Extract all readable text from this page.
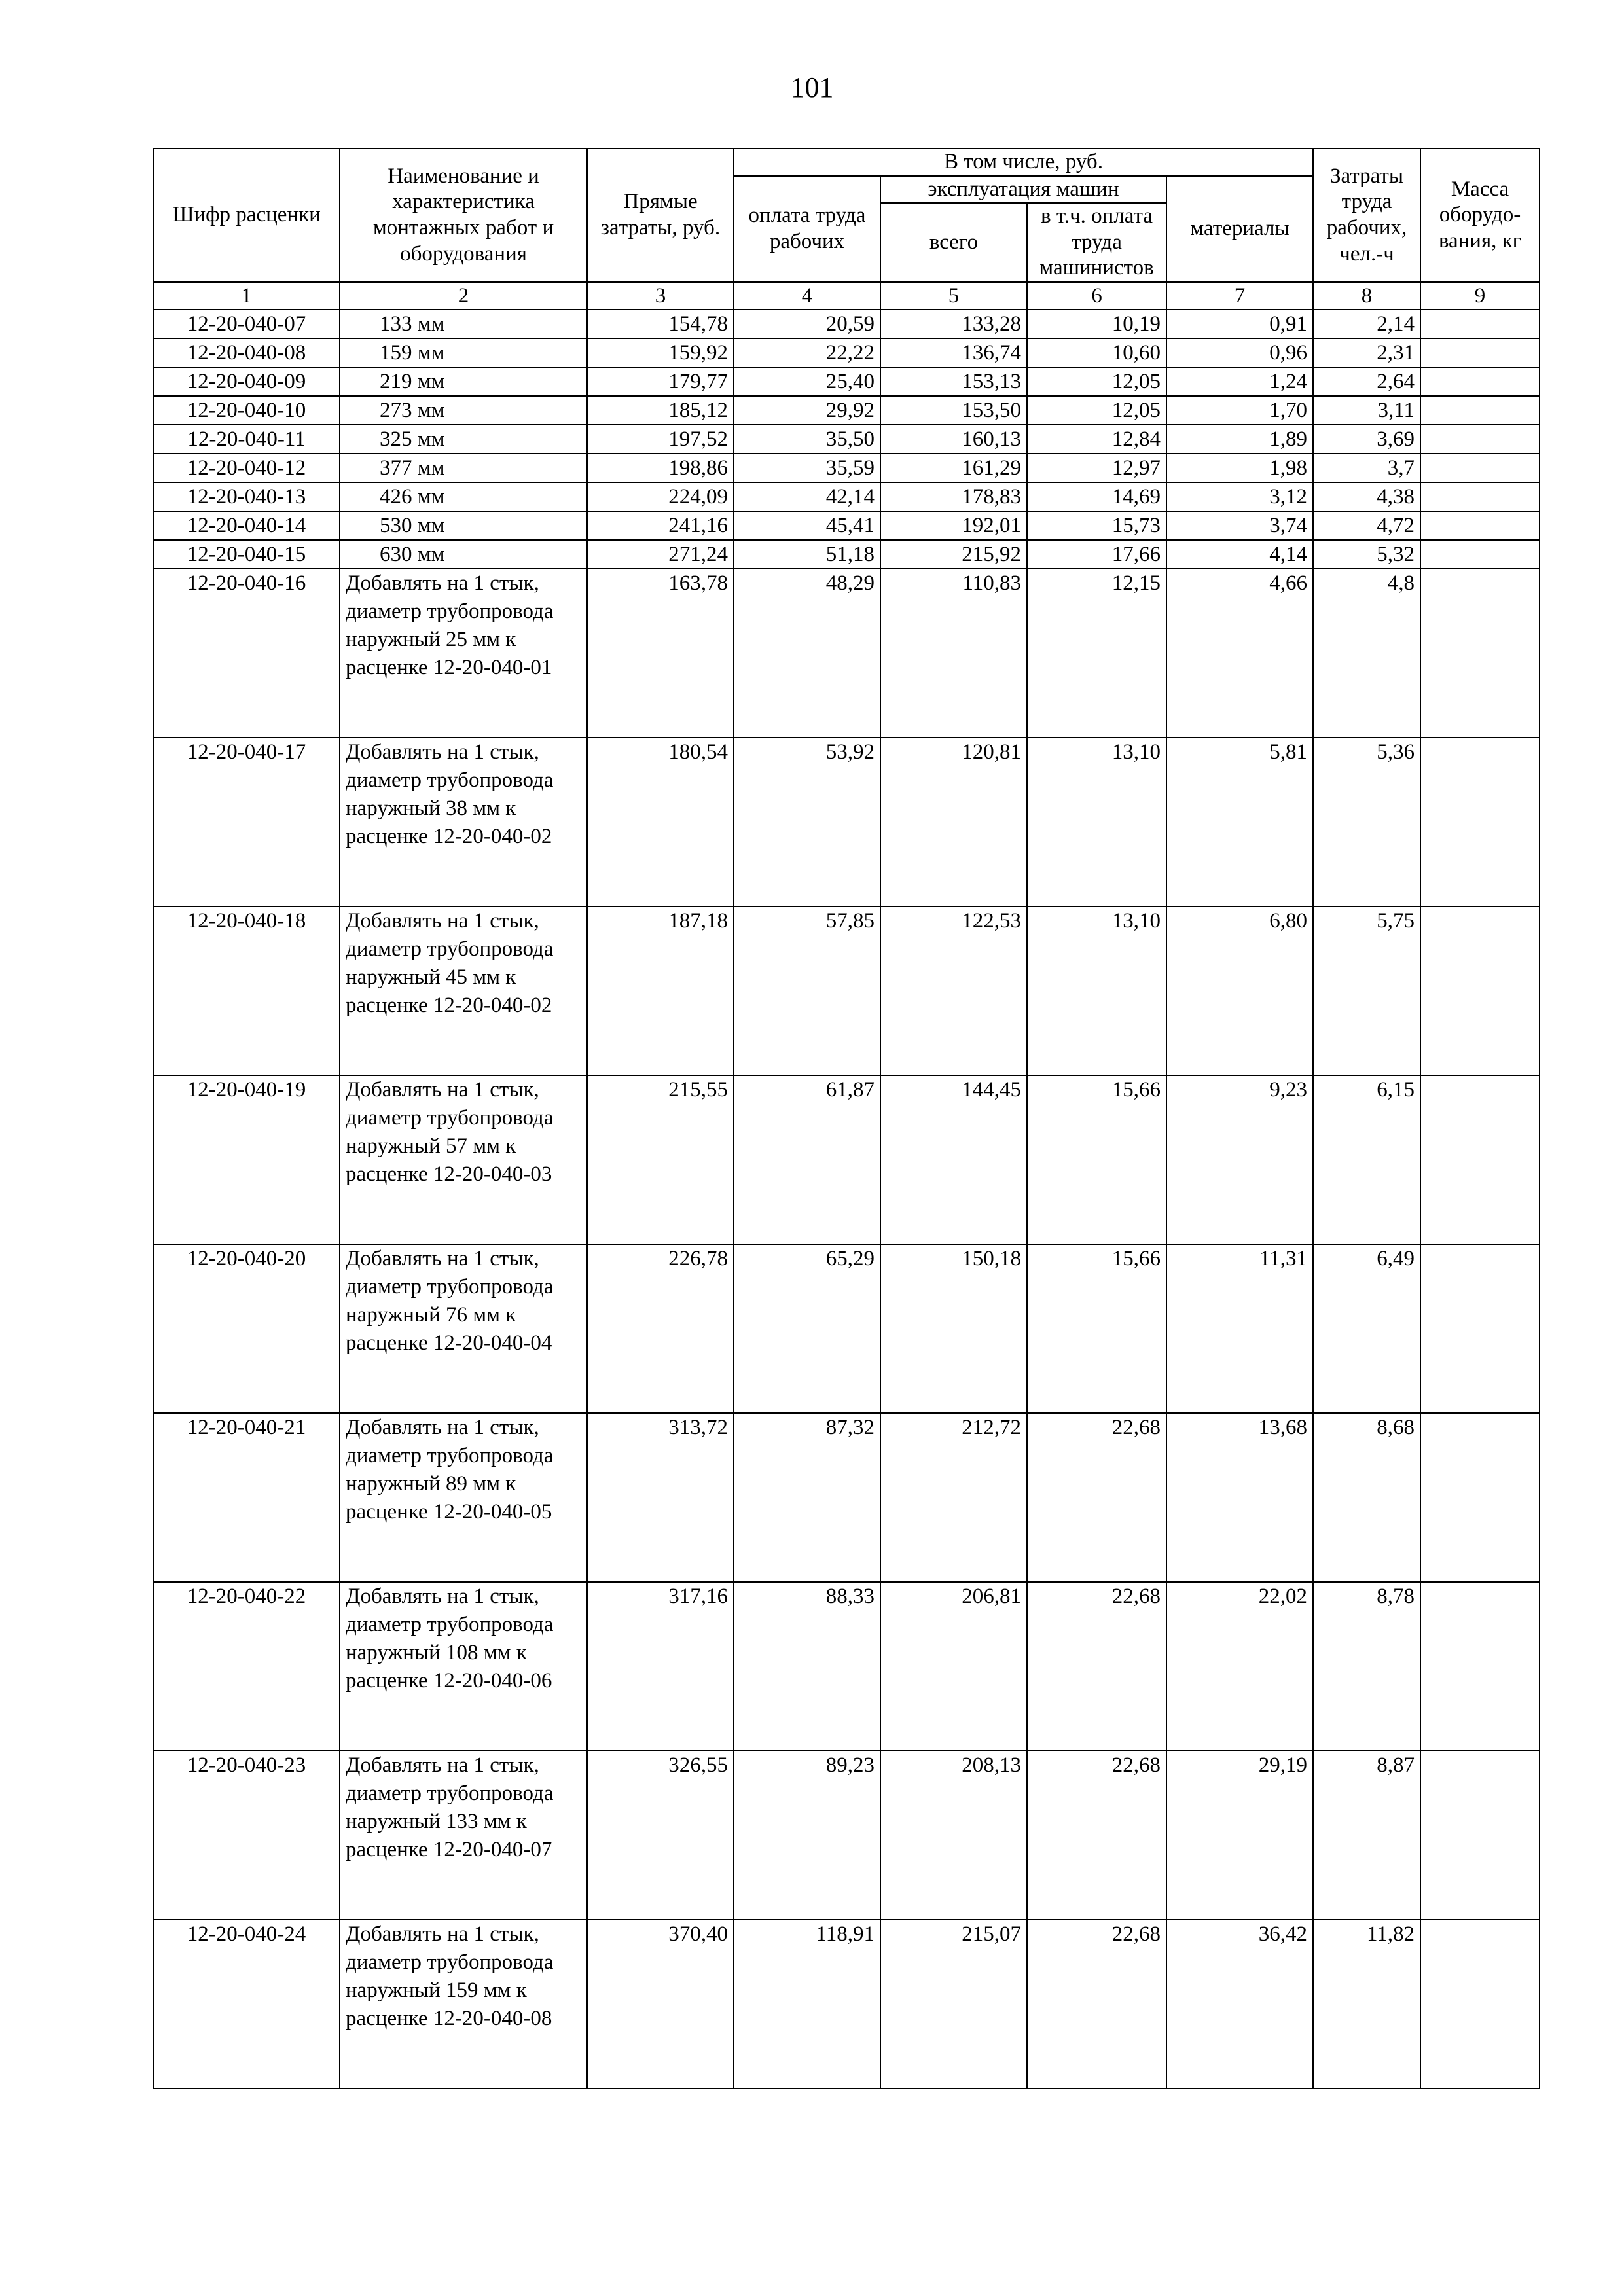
101
Шифр расценки	Наименование и характеристика монтажных работ и оборудования	Прямые затраты, руб.	В том числе, руб.				Затраты труда рабочих, чел.-ч	Масса оборудо-вания, кг
			оплата труда рабочих	эксплуатация машин		материалы		
				всего	в т.ч. оплата труда машинистов			
1	2	3	4	5	6	7	8	9
12-20-040-07	133 мм	154,78	20,59	133,28	10,19	0,91	2,14	
12-20-040-08	159 мм	159,92	22,22	136,74	10,60	0,96	2,31	
12-20-040-09	219 мм	179,77	25,40	153,13	12,05	1,24	2,64	
12-20-040-10	273 мм	185,12	29,92	153,50	12,05	1,70	3,11	
12-20-040-11	325 мм	197,52	35,50	160,13	12,84	1,89	3,69	
12-20-040-12	377 мм	198,86	35,59	161,29	12,97	1,98	3,7	
12-20-040-13	426 мм	224,09	42,14	178,83	14,69	3,12	4,38	
12-20-040-14	530 мм	241,16	45,41	192,01	15,73	3,74	4,72	
12-20-040-15	630 мм	271,24	51,18	215,92	17,66	4,14	5,32	
12-20-040-16	Добавлять на 1 стык, диаметр трубопровода наружный 25 мм к расценке 12-20-040-01	163,78	48,29	110,83	12,15	4,66	4,8	
12-20-040-17	Добавлять на 1 стык, диаметр трубопровода наружный 38 мм к расценке 12-20-040-02	180,54	53,92	120,81	13,10	5,81	5,36	
12-20-040-18	Добавлять на 1 стык, диаметр трубопровода наружный 45 мм к расценке 12-20-040-02	187,18	57,85	122,53	13,10	6,80	5,75	
12-20-040-19	Добавлять на 1 стык, диаметр трубопровода наружный 57 мм к расценке 12-20-040-03	215,55	61,87	144,45	15,66	9,23	6,15	
12-20-040-20	Добавлять на 1 стык, диаметр трубопровода наружный 76 мм к расценке 12-20-040-04	226,78	65,29	150,18	15,66	11,31	6,49	
12-20-040-21	Добавлять на 1 стык, диаметр трубопровода наружный 89 мм к расценке 12-20-040-05	313,72	87,32	212,72	22,68	13,68	8,68	
12-20-040-22	Добавлять на 1 стык, диаметр трубопровода наружный 108 мм к расценке 12-20-040-06	317,16	88,33	206,81	22,68	22,02	8,78	
12-20-040-23	Добавлять на 1 стык, диаметр трубопровода наружный 133 мм к расценке 12-20-040-07	326,55	89,23	208,13	22,68	29,19	8,87	
12-20-040-24	Добавлять на 1 стык, диаметр трубопровода наружный 159 мм к расценке 12-20-040-08	370,40	118,91	215,07	22,68	36,42	11,82	
